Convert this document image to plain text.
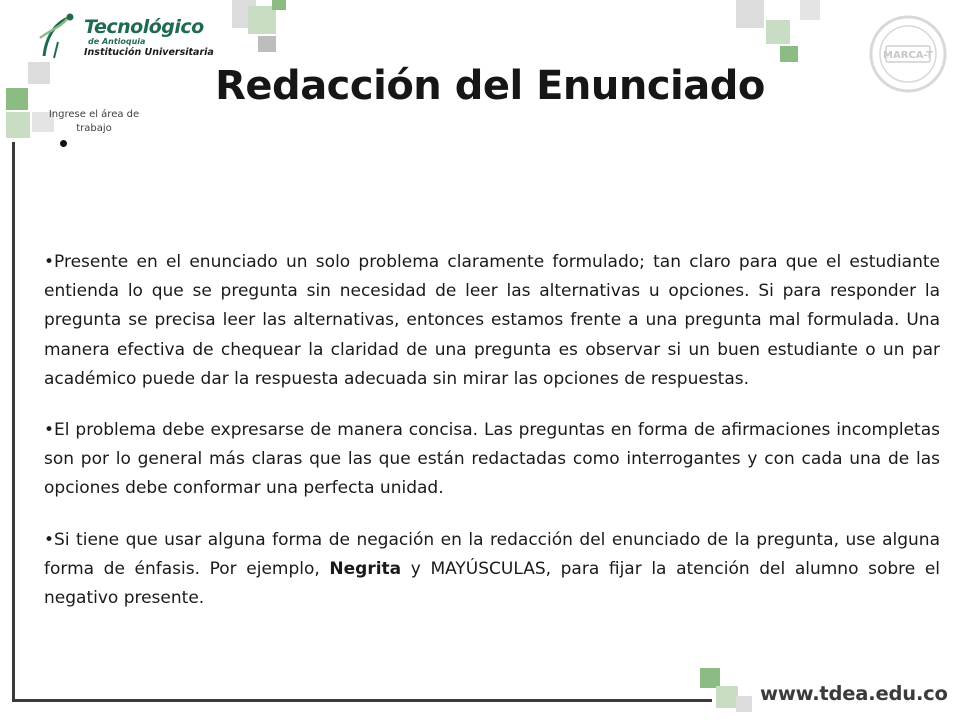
Tecnológico
de Antioquia
Institución Universitaria
Redacción del Enunciado
Ingrese el área de trabajo
MARCA-T

•Presente en el enunciado un solo problema claramente formulado; tan claro para que el estudiante entienda lo que se pregunta sin necesidad de leer las alternativas u opciones. Si para responder la pregunta se precisa leer las alternativas, entonces estamos frente a una pregunta mal formulada. Una manera efectiva de chequear la claridad de una pregunta es observar si un buen estudiante o un par académico puede dar la respuesta adecuada sin mirar las opciones de respuestas.

•El problema debe expresarse de manera concisa. Las preguntas en forma de afirmaciones incompletas son por lo general más claras que las que están redactadas como interrogantes y con cada una de las opciones debe conformar una perfecta unidad.

•Si tiene que usar alguna forma de negación en la redacción del enunciado de la pregunta, use alguna forma de énfasis. Por ejemplo, Negrita y MAYÚSCULAS, para fijar la atención del alumno sobre el negativo presente.

www.tdea.edu.co
